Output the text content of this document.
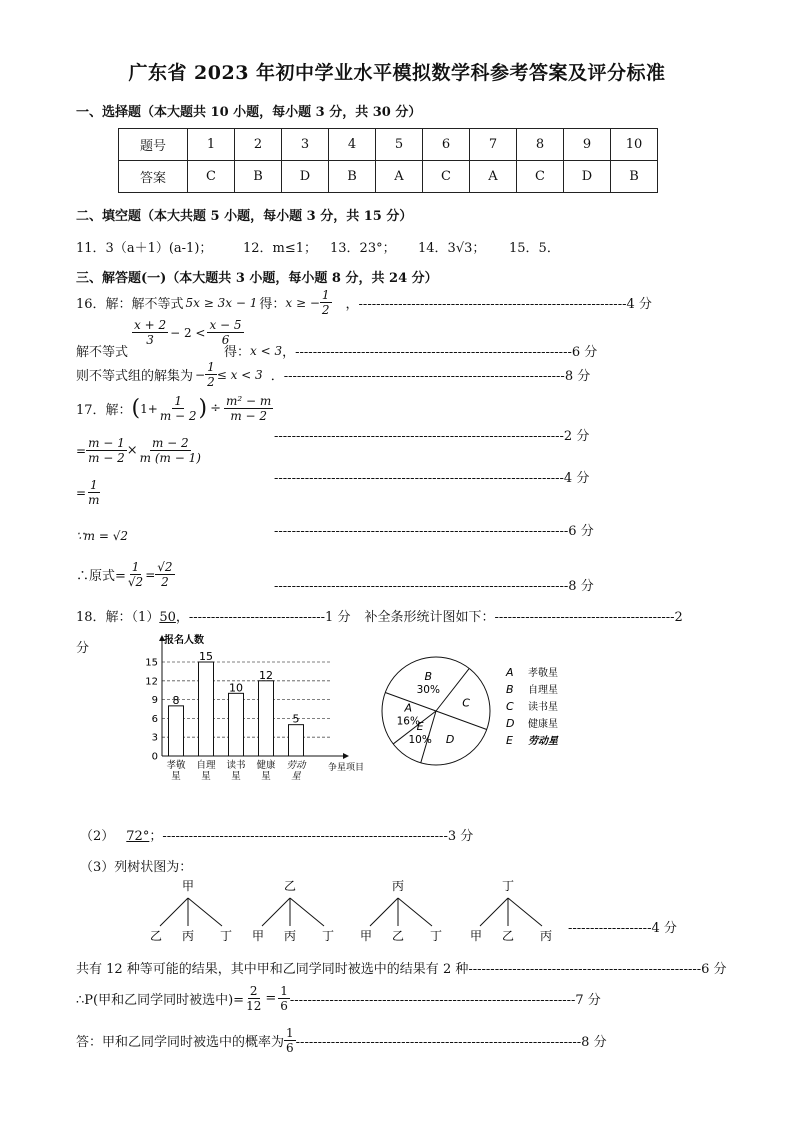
广东省 2023 年初中学业水平模拟数学科参考答案及评分标准
一、选择题（本大题共 10 小题，每小题 3 分，共 30 分）
题号	1	2	3	4	5	6	7	8	9	10
答案	C	B	D	B	A	C	A	C	D	B
二、填空题（本大共题 5 小题，每小题 3 分，共 15 分）
11．3（a＋1）(a-1)； 12．m≤1； 13．23°； 14．3√3； 15．5．
三、解答题(一)（本大题共 3 小题，每小题 8 分，共 24 分）
16．解：解不等式 5x ≥ 3x − 1 得： x ≥ − $\frac{1}{2}$ ，-------------------------------------------------------------4 分
$\frac{x + 2}{3} - 2 < \frac{x - 5}{6}$
解不等式	得： x < 3 ，---------------------------------------------------------------6 分
则不等式组的解集为 − $\frac{1}{2} \le x < 3$ ．----------------------------------------------------------------8 分
17．解： ( $1+ \frac{1}{m - 2}$ ) ÷ $\frac{\text{m² − m}}{m - 2}$
= $\frac{m - 1}{m - 2} \times \frac{m - 2}{m (m - 1)}$	------------------------------------------------------------------2 分
------------------------------------------------------------------4 分
= $\frac{1}{m}$
-------------------------------------------------------------------6 分
∵m = √2
∴原式= $\frac{1}{√2} = \frac{√2}{2}$	-------------------------------------------------------------------8 分
18．解：（1）50，-------------------------------1 分 补全条形统计图如下：-----------------------------------------2
分
报名人数
争星项目
0
3
6
9
12
15
8
15
10
12
5
孝敬
星
自理
星
读书
星
健康
星
劳动
星
B
30%
C
D
E
10%
A
16%
A 孝敬星
B 自理星
C 读书星
D 健康星
E 劳动星
（2） 72°；-----------------------------------------------------------------3 分
（3）列树状图为：
甲
乙 丙 丁
乙
甲 丙 丁
丙
甲 乙 丁
丁
甲 乙 丙 -------------------4 分
共有 12 种等可能的结果，其中甲和乙同学同时被选中的结果有 2 种-----------------------------------------------------6 分
∴P(甲和乙同学同时被选中)= $\frac{2}{12} = \frac{1}{6} -----------------------------------------------------------------7$ 分
答：甲和乙同学同时被选中的概率为 $\frac{1}{6} -----------------------------------------------------------------8$ 分
